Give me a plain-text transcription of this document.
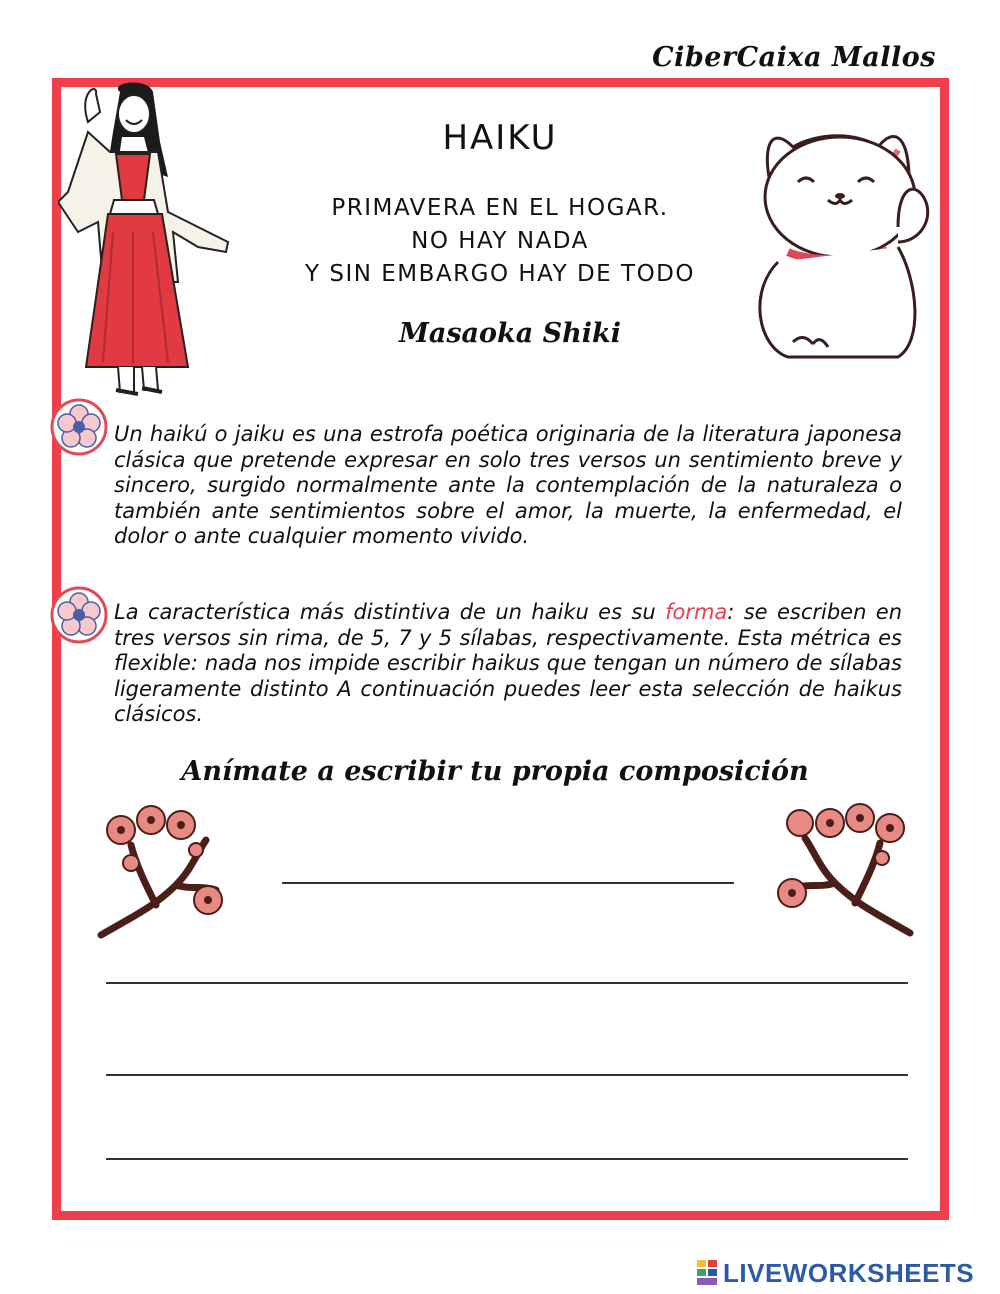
CiberCaixa Mallos
HAIKU
PRIMAVERA EN EL HOGAR.
NO HAY NADA
Y SIN EMBARGO HAY DE TODO
Masaoka Shiki
Un haikú o jaiku es una estrofa poética originaria de la literatura japonesa clásica que pretende expresar en solo tres versos un sentimiento breve y sincero, surgido normalmente ante la contemplación de la naturaleza o también ante sentimientos sobre el amor, la muerte, la enfermedad, el dolor o ante cualquier momento vivido.
La característica más distintiva de un haiku es su forma: se escriben en tres versos sin rima, de 5, 7 y 5 sílabas, respectivamente. Esta métrica es flexible: nada nos impide escribir haikus que tengan un número de sílabas ligeramente distinto A continuación puedes leer esta selección de haikus clásicos.
Anímate a escribir tu propia composición
LIVEWORKSHEETS
